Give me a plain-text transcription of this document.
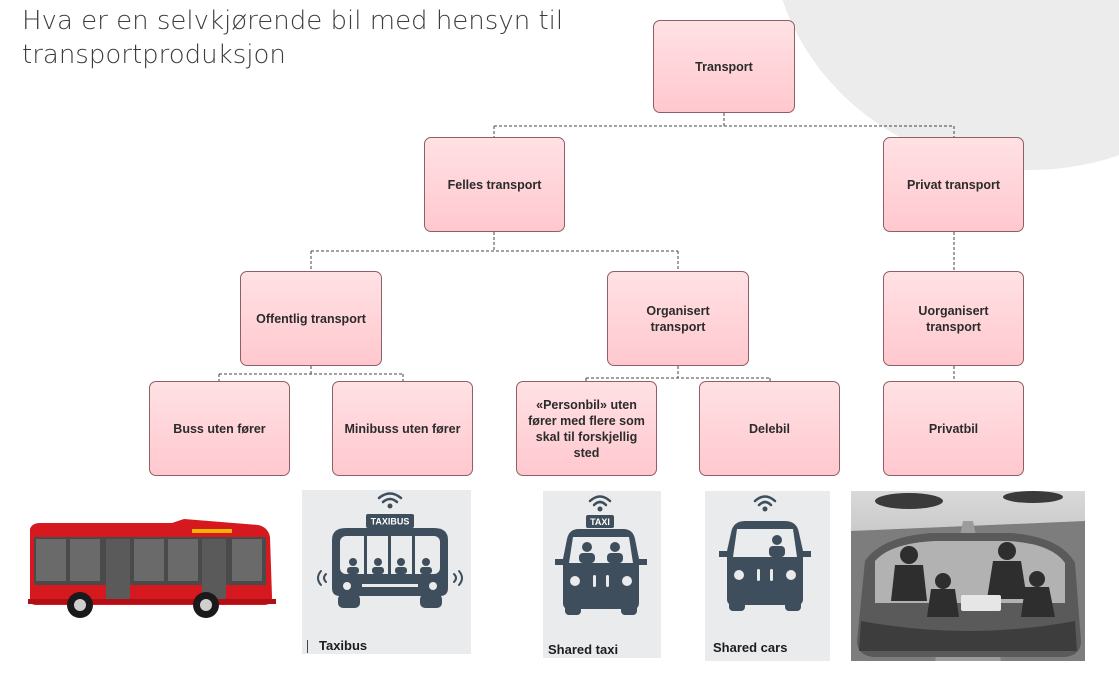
Hva er en selvkjørende bil med hensyn til
transportproduksjon	Transport
Felles transport	Privat transport
Offentlig transport
Organisert transport
Uorganisert transport
Buss uten fører	Minibuss uten fører
«Personbil» uten fører med flere som skal til forskjellig sted
Delebil	Privatbil
TAXIBUS
Taxibus
TAXI
Shared taxi	Shared cars
